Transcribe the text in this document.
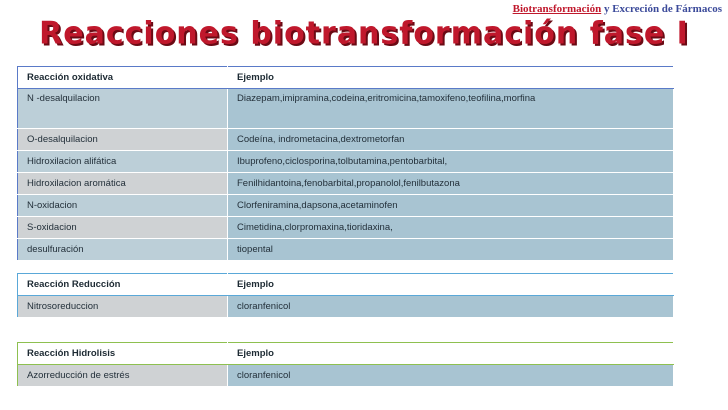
Biotransformación y Excreción de Fármacos
Reacciones biotransformación fase I
Reacción oxidativa	Ejemplo
N -desalquilacion	Diazepam,imipramina,codeina,eritromicina,tamoxifeno,teofilina,morfina
O-desalquilacion	Codeína, indrometacina,dextrometorfan
Hidroxilacion alifática	Ibuprofeno,ciclosporina,tolbutamina,pentobarbital,
Hidroxilacion aromática	Fenilhidantoina,fenobarbital,propanolol,fenilbutazona
N-oxidacion	Clorfeniramina,dapsona,acetaminofen
S-oxidacion	Cimetidina,clorpromaxina,tioridaxina,
desulfuración	tiopental
Reacción Reducción	Ejemplo
Nitrosoreduccion	cloranfenicol
Reacción Hidrolisis	Ejemplo
Azorreducción de estrés	cloranfenicol
